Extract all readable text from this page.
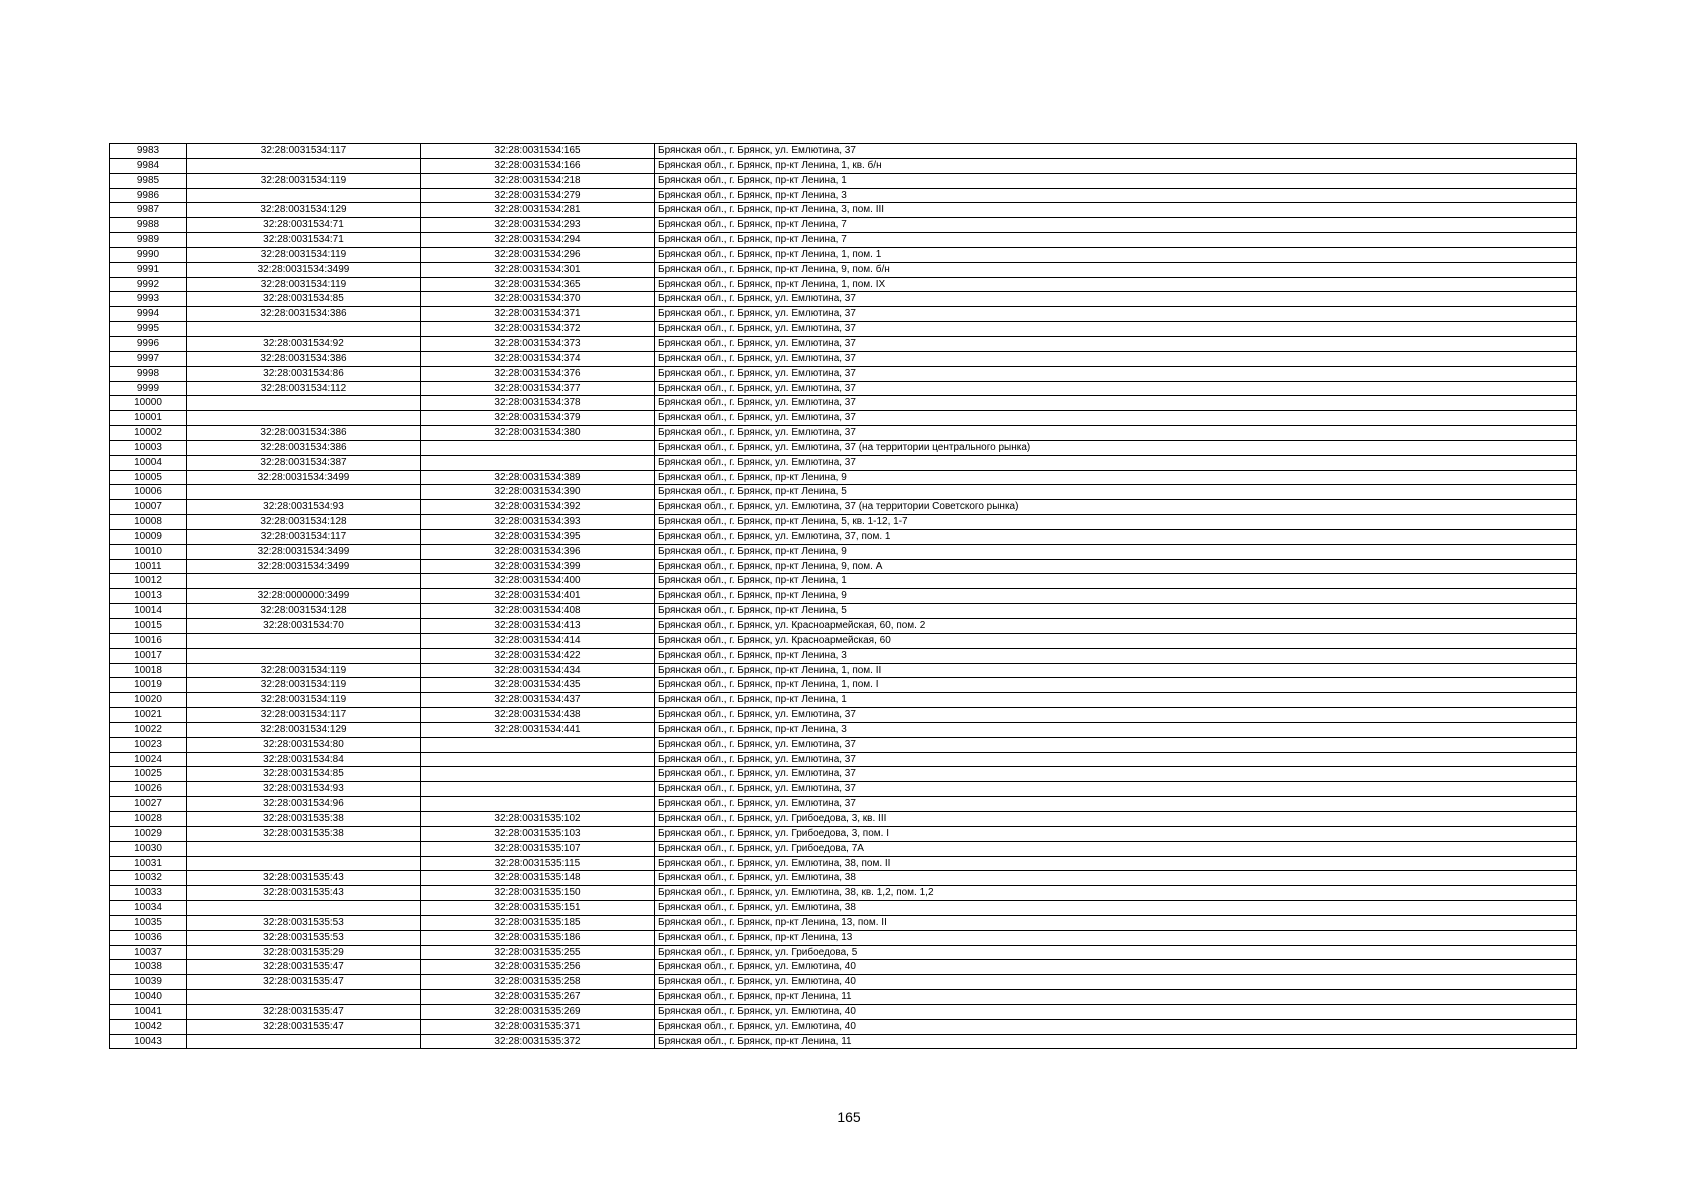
9983	32:28:0031534:117	32:28:0031534:165	Брянская обл., г. Брянск, ул. Емлютина, 37
9984		32:28:0031534:166	Брянская обл., г. Брянск, пр-кт Ленина, 1, кв. б/н
9985	32:28:0031534:119	32:28:0031534:218	Брянская обл., г. Брянск, пр-кт Ленина, 1
9986		32:28:0031534:279	Брянская обл., г. Брянск, пр-кт Ленина, 3
9987	32:28:0031534:129	32:28:0031534:281	Брянская обл., г. Брянск, пр-кт Ленина, 3, пом. III
9988	32:28:0031534:71	32:28:0031534:293	Брянская обл., г. Брянск, пр-кт Ленина, 7
9989	32:28:0031534:71	32:28:0031534:294	Брянская обл., г. Брянск, пр-кт Ленина, 7
9990	32:28:0031534:119	32:28:0031534:296	Брянская обл., г. Брянск, пр-кт Ленина, 1, пом. 1
9991	32:28:0031534:3499	32:28:0031534:301	Брянская обл., г. Брянск, пр-кт Ленина, 9, пом. б/н
9992	32:28:0031534:119	32:28:0031534:365	Брянская обл., г. Брянск, пр-кт Ленина, 1, пом. IX
9993	32:28:0031534:85	32:28:0031534:370	Брянская обл., г. Брянск, ул. Емлютина, 37
9994	32:28:0031534:386	32:28:0031534:371	Брянская обл., г. Брянск, ул. Емлютина, 37
9995		32:28:0031534:372	Брянская обл., г. Брянск, ул. Емлютина, 37
9996	32:28:0031534:92	32:28:0031534:373	Брянская обл., г. Брянск, ул. Емлютина, 37
9997	32:28:0031534:386	32:28:0031534:374	Брянская обл., г. Брянск, ул. Емлютина, 37
9998	32:28:0031534:86	32:28:0031534:376	Брянская обл., г. Брянск, ул. Емлютина, 37
9999	32:28:0031534:112	32:28:0031534:377	Брянская обл., г. Брянск, ул. Емлютина, 37
10000		32:28:0031534:378	Брянская обл., г. Брянск, ул. Емлютина, 37
10001		32:28:0031534:379	Брянская обл., г. Брянск, ул. Емлютина, 37
10002	32:28:0031534:386	32:28:0031534:380	Брянская обл., г. Брянск, ул. Емлютина, 37
10003	32:28:0031534:386		Брянская обл., г. Брянск, ул. Емлютина, 37 (на территории центрального рынка)
10004	32:28:0031534:387		Брянская обл., г. Брянск, ул. Емлютина, 37
10005	32:28:0031534:3499	32:28:0031534:389	Брянская обл., г. Брянск, пр-кт Ленина, 9
10006		32:28:0031534:390	Брянская обл., г. Брянск, пр-кт Ленина, 5
10007	32:28:0031534:93	32:28:0031534:392	Брянская обл., г. Брянск, ул. Емлютина, 37 (на территории Советского рынка)
10008	32:28:0031534:128	32:28:0031534:393	Брянская обл., г. Брянск, пр-кт Ленина, 5, кв. 1-12, 1-7
10009	32:28:0031534:117	32:28:0031534:395	Брянская обл., г. Брянск, ул. Емлютина, 37, пом. 1
10010	32:28:0031534:3499	32:28:0031534:396	Брянская обл., г. Брянск, пр-кт Ленина, 9
10011	32:28:0031534:3499	32:28:0031534:399	Брянская обл., г. Брянск, пр-кт Ленина, 9, пом. А
10012		32:28:0031534:400	Брянская обл., г. Брянск, пр-кт Ленина, 1
10013	32:28:0000000:3499	32:28:0031534:401	Брянская обл., г. Брянск, пр-кт Ленина, 9
10014	32:28:0031534:128	32:28:0031534:408	Брянская обл., г. Брянск, пр-кт Ленина, 5
10015	32:28:0031534:70	32:28:0031534:413	Брянская обл., г. Брянск, ул. Красноармейская, 60, пом. 2
10016		32:28:0031534:414	Брянская обл., г. Брянск, ул. Красноармейская, 60
10017		32:28:0031534:422	Брянская обл., г. Брянск, пр-кт Ленина, 3
10018	32:28:0031534:119	32:28:0031534:434	Брянская обл., г. Брянск, пр-кт Ленина, 1, пом. II
10019	32:28:0031534:119	32:28:0031534:435	Брянская обл., г. Брянск, пр-кт Ленина, 1, пом. I
10020	32:28:0031534:119	32:28:0031534:437	Брянская обл., г. Брянск, пр-кт Ленина, 1
10021	32:28:0031534:117	32:28:0031534:438	Брянская обл., г. Брянск, ул. Емлютина, 37
10022	32:28:0031534:129	32:28:0031534:441	Брянская обл., г. Брянск, пр-кт Ленина, 3
10023	32:28:0031534:80		Брянская обл., г. Брянск, ул. Емлютина, 37
10024	32:28:0031534:84		Брянская обл., г. Брянск, ул. Емлютина, 37
10025	32:28:0031534:85		Брянская обл., г. Брянск, ул. Емлютина, 37
10026	32:28:0031534:93		Брянская обл., г. Брянск, ул. Емлютина, 37
10027	32:28:0031534:96		Брянская обл., г. Брянск, ул. Емлютина, 37
10028	32:28:0031535:38	32:28:0031535:102	Брянская обл., г. Брянск, ул. Грибоедова, 3, кв. III
10029	32:28:0031535:38	32:28:0031535:103	Брянская обл., г. Брянск, ул. Грибоедова, 3, пом. I
10030		32:28:0031535:107	Брянская обл., г. Брянск, ул. Грибоедова, 7А
10031		32:28:0031535:115	Брянская обл., г. Брянск, ул. Емлютина, 38, пом. II
10032	32:28:0031535:43	32:28:0031535:148	Брянская обл., г. Брянск, ул. Емлютина, 38
10033	32:28:0031535:43	32:28:0031535:150	Брянская обл., г. Брянск, ул. Емлютина, 38, кв. 1,2, пом. 1,2
10034		32:28:0031535:151	Брянская обл., г. Брянск, ул. Емлютина, 38
10035	32:28:0031535:53	32:28:0031535:185	Брянская обл., г. Брянск, пр-кт Ленина, 13, пом. II
10036	32:28:0031535:53	32:28:0031535:186	Брянская обл., г. Брянск, пр-кт Ленина, 13
10037	32:28:0031535:29	32:28:0031535:255	Брянская обл., г. Брянск, ул. Грибоедова, 5
10038	32:28:0031535:47	32:28:0031535:256	Брянская обл., г. Брянск, ул. Емлютина, 40
10039	32:28:0031535:47	32:28:0031535:258	Брянская обл., г. Брянск, ул. Емлютина, 40
10040		32:28:0031535:267	Брянская обл., г. Брянск, пр-кт Ленина, 11
10041	32:28:0031535:47	32:28:0031535:269	Брянская обл., г. Брянск, ул. Емлютина, 40
10042	32:28:0031535:47	32:28:0031535:371	Брянская обл., г. Брянск, ул. Емлютина, 40
10043		32:28:0031535:372	Брянская обл., г. Брянск, пр-кт Ленина, 11
165
